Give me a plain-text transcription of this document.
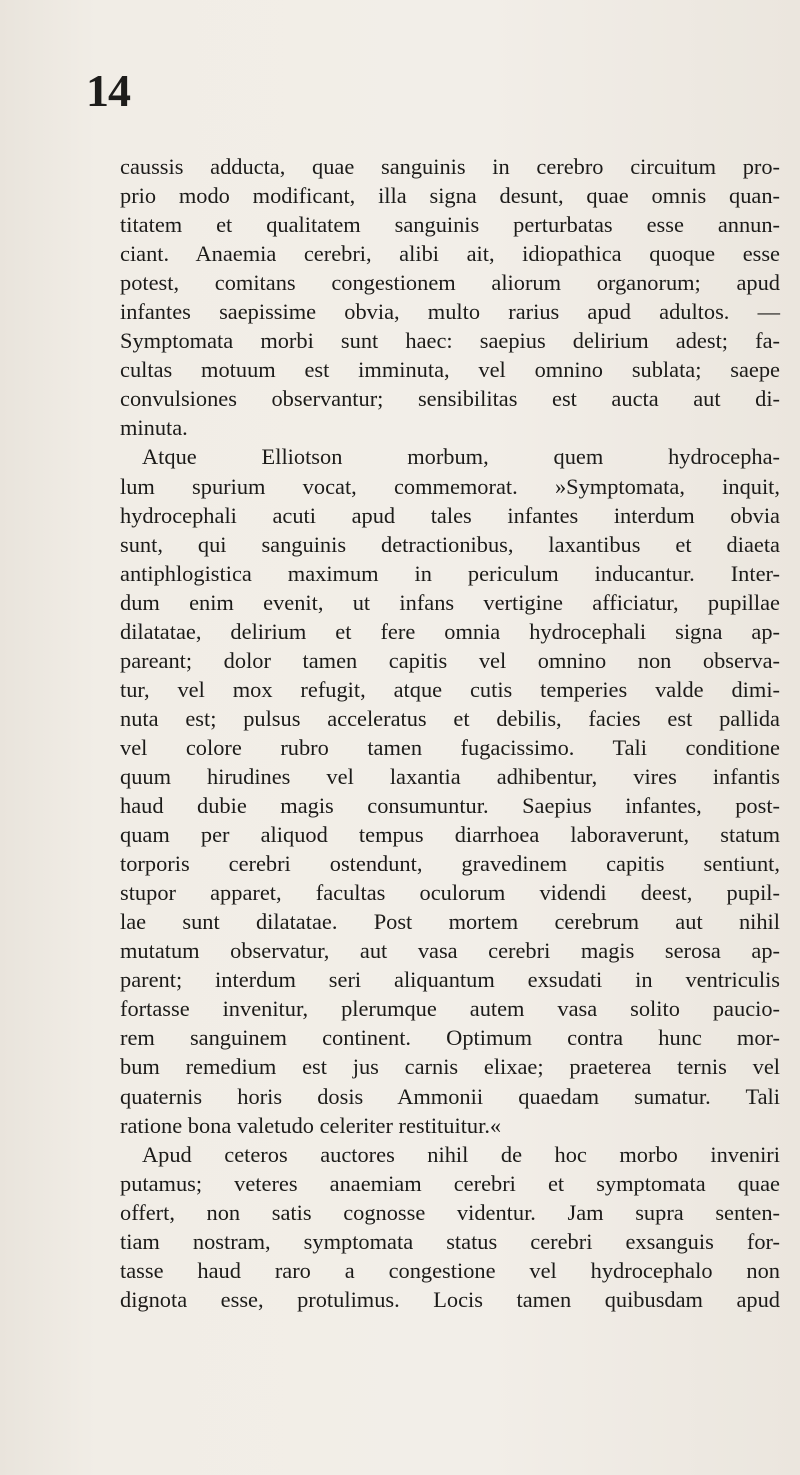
14
caussis adducta, quae sanguinis in cerebro circuitum pro-
prio modo modificant, illa signa desunt, quae omnis quan-
titatem et qualitatem sanguinis perturbatas esse annun-
ciant. Anaemia cerebri, alibi ait, idiopathica quoque esse
potest, comitans congestionem aliorum organorum; apud
infantes saepissime obvia, multo rarius apud adultos. —
Symptomata morbi sunt haec: saepius delirium adest; fa-
cultas motuum est imminuta, vel omnino sublata; saepe
convulsiones observantur; sensibilitas est aucta aut di-
minuta.
Atque Elliotson morbum, quem hydrocepha-
lum spurium vocat, commemorat. »Symptomata, inquit,
hydrocephali acuti apud tales infantes interdum obvia
sunt, qui sanguinis detractionibus, laxantibus et diaeta
antiphlogistica maximum in periculum inducantur. Inter-
dum enim evenit, ut infans vertigine afficiatur, pupillae
dilatatae, delirium et fere omnia hydrocephali signa ap-
pareant; dolor tamen capitis vel omnino non observa-
tur, vel mox refugit, atque cutis temperies valde dimi-
nuta est; pulsus acceleratus et debilis, facies est pallida
vel colore rubro tamen fugacissimo. Tali conditione
quum hirudines vel laxantia adhibentur, vires infantis
haud dubie magis consumuntur. Saepius infantes, post-
quam per aliquod tempus diarrhoea laboraverunt, statum
torporis cerebri ostendunt, gravedinem capitis sentiunt,
stupor apparet, facultas oculorum videndi deest, pupil-
lae sunt dilatatae. Post mortem cerebrum aut nihil
mutatum observatur, aut vasa cerebri magis serosa ap-
parent; interdum seri aliquantum exsudati in ventriculis
fortasse invenitur, plerumque autem vasa solito paucio-
rem sanguinem continent. Optimum contra hunc mor-
bum remedium est jus carnis elixae; praeterea ternis vel
quaternis horis dosis Ammonii quaedam sumatur. Tali
ratione bona valetudo celeriter restituitur.«
Apud ceteros auctores nihil de hoc morbo inveniri
putamus; veteres anaemiam cerebri et symptomata quae
offert, non satis cognosse videntur. Jam supra senten-
tiam nostram, symptomata status cerebri exsanguis for-
tasse haud raro a congestione vel hydrocephalo non
dignota esse, protulimus. Locis tamen quibusdam apud
